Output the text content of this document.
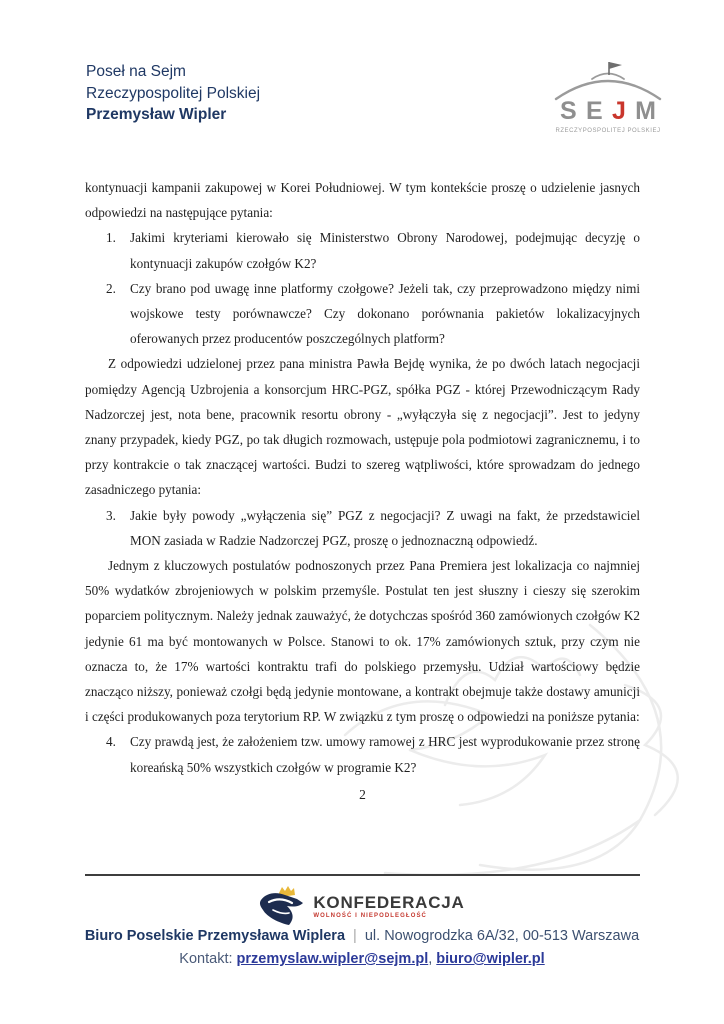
Poseł na Sejm
Rzeczypospolitej Polskiej
Przemysław Wipler	S E J M
RZECZYPOSPOLITEJ POLSKIEJ

kontynuacji kampanii zakupowej w Korei Południowej. W tym kontekście proszę o udzielenie jasnych odpowiedzi na następujące pytania:

1. Jakimi kryteriami kierowało się Ministerstwo Obrony Narodowej, podejmując decyzję o kontynuacji zakupów czołgów K2?

2. Czy brano pod uwagę inne platformy czołgowe? Jeżeli tak, czy przeprowadzono między nimi wojskowe testy porównawcze? Czy dokonano porównania pakietów lokalizacyjnych oferowanych przez producentów poszczególnych platform?

Z odpowiedzi udzielonej przez pana ministra Pawła Bejdę wynika, że po dwóch latach negocjacji pomiędzy Agencją Uzbrojenia a konsorcjum HRC-PGZ, spółka PGZ - której Przewodniczącym Rady Nadzorczej jest, nota bene, pracownik resortu obrony - „wyłączyła się z negocjacji”. Jest to jedyny znany przypadek, kiedy PGZ, po tak długich rozmowach, ustępuje pola podmiotowi zagranicznemu, i to przy kontrakcie o tak znaczącej wartości. Budzi to szereg wątpliwości, które sprowadzam do jednego zasadniczego pytania:

3. Jakie były powody „wyłączenia się” PGZ z negocjacji? Z uwagi na fakt, że przedstawiciel MON zasiada w Radzie Nadzorczej PGZ, proszę o jednoznaczną odpowiedź.

Jednym z kluczowych postulatów podnoszonych przez Pana Premiera jest lokalizacja co najmniej 50% wydatków zbrojeniowych w polskim przemyśle. Postulat ten jest słuszny i cieszy się szerokim poparciem politycznym. Należy jednak zauważyć, że dotychczas spośród 360 zamówionych czołgów K2 jedynie 61 ma być montowanych w Polsce. Stanowi to ok. 17% zamówionych sztuk, przy czym nie oznacza to, że 17% wartości kontraktu trafi do polskiego przemysłu. Udział wartościowy będzie znacząco niższy, ponieważ czołgi będą jedynie montowane, a kontrakt obejmuje także dostawy amunicji i części produkowanych poza terytorium RP. W związku z tym proszę o odpowiedzi na poniższe pytania:

4. Czy prawdą jest, że założeniem tzw. umowy ramowej z HRC jest wyprodukowanie przez stronę koreańską 50% wszystkich czołgów w programie K2?

2
KONFEDERACJA
WOLNOŚĆ I NIEPODLEGŁOŚĆ
Biuro Poselskie Przemysława Wiplera | ul. Nowogrodzka 6A/32, 00-513 Warszawa
Kontakt: przemyslaw.wipler@sejm.pl, biuro@wipler.pl
